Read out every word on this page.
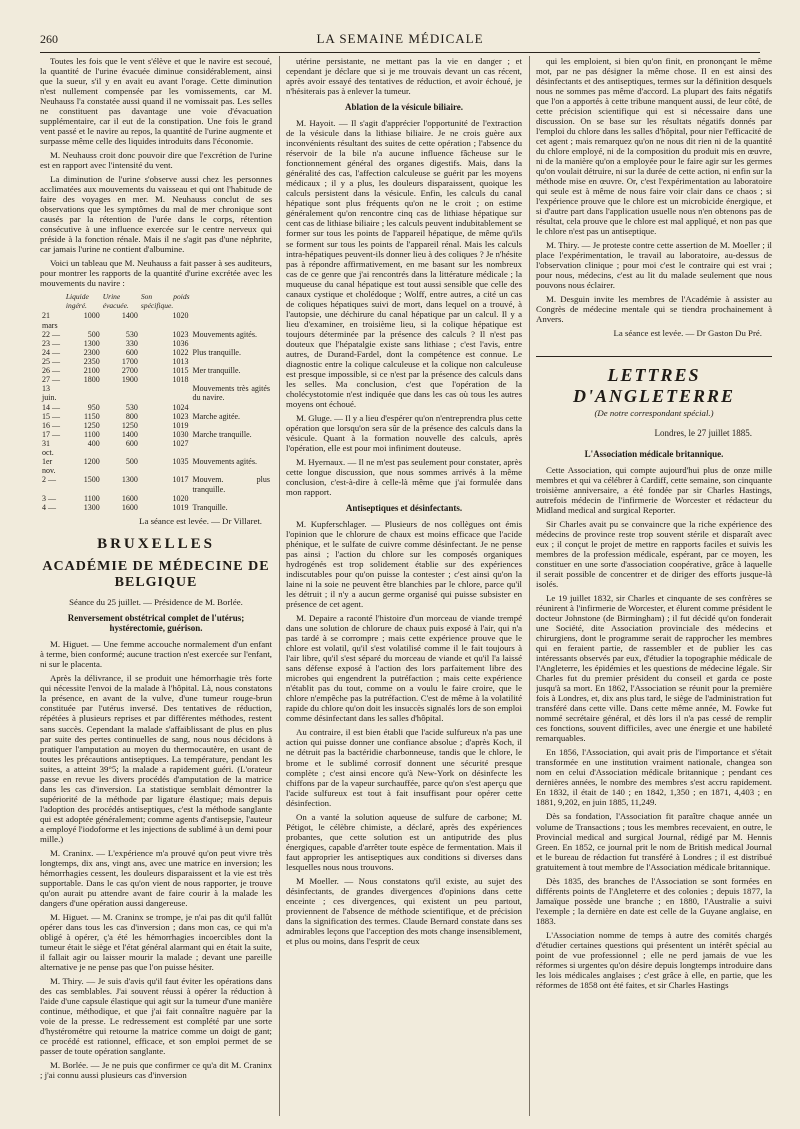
260	LA SEMAINE MÉDICALE

Toutes les fois que le vent s'élève et que le navire est secoué, la quantité de l'urine évacuée diminue considérablement, ainsi que la sueur, s'il y en avait eu avant l'orage. Cette diminution n'est nullement compensée par les vomissements, car M. Neuhauss l'a constatée aussi quand il ne vomissait pas. Les selles ne constituent pas davantage une voie d'évacuation supplémentaire, car il eut de la constipation. Une fois le grand vent passé et le navire au repos, la quantité de l'urine augmente et surpasse même celle des liquides introduits dans l'économie.

M. Neuhauss croit donc pouvoir dire que l'excrétion de l'urine est en rapport avec l'intensité du vent.

La diminution de l'urine s'observe aussi chez les personnes acclimatées aux mouvements du vaisseau et qui ont l'habitude de faire des voyages en mer. M. Neuhauss conclut de ses observations que les symptômes du mal de mer chronique sont causés par la rétention de l'urée dans le corps, rétention consécutive à une influence exercée sur le centre nerveux qui préside à la fonction rénale. Mais il ne s'agit pas d'une néphrite, car jamais l'urine ne contient d'albumine.

Voici un tableau que M. Neuhauss a fait passer à ses auditeurs, pour montrer les rapports de la quantité d'urine excrétée avec les mouvements du navire :

	Liquide ingéré.	Urine évacuée.	Son poids spécifique.	
21 mars	1000	1400	1020	
22 —	500	530	1023	Mouvements agités.
23 —	1300	330	1036	
24 —	2300	600	1022	Plus tranquille.
25 —	2350	1700	1013	
26 —	2100	2700	1015	Mer tranquille.
27 —	1800	1900	1018	
13 juin.				Mouvements très agités du navire.
14 —	950	530	1024	
15 —	1150	800	1023	Marche agitée.
16 —	1250	1250	1019	
17 —	1100	1400	1030	Marche tranquille.
31 oct.	400	600	1027	
1er nov.	1200	500	1035	Mouvements agités.
2 —	1500	1300	1017	Mouvem. plus tranquille.
3 —	1100	1600	1020	
4 —	1300	1600	1019	Tranquille.
La séance est levée. — Dr Villaret.
BRUXELLES
ACADÉMIE DE MÉDECINE DE BELGIQUE
Séance du 25 juillet. — Présidence de M. Borlée.

Renversement obstétrical complet de l'utérus; hystérectomie, guérison.

M. Higuet. — Une femme accouche normalement d'un enfant à terme, bien conformé; aucune traction n'est exercée sur l'enfant, ni sur le placenta.

Après la délivrance, il se produit une hémorrhagie très forte qui nécessite l'envoi de la malade à l'hôpital. Là, nous constatons la présence, en avant de la vulve, d'une tumeur rouge-brun constituée par l'utérus inversé. Des tentatives de réduction, répétées à plusieurs reprises et par différentes méthodes, restent sans succès. Cependant la malade s'affaiblissant de plus en plus par suite des pertes continuelles de sang, nous nous décidons à pratiquer l'amputation au moyen du thermocautère, en usant de toutes les précautions antiseptiques. La température, pendant les suites, a atteint 39°5; la malade a rapidement guéri. (L'orateur passe en revue les divers procédés d'amputation de la matrice dans les cas d'inversion. La statistique semblait démontrer la supériorité de la méthode par ligature élastique; mais depuis l'adoption des procédés antiseptiques, c'est la méthode sanglante qui est adoptée généralement; comme agents d'antisepsie, l'auteur a employé l'iodoforme et les injections de sublimé à un demi pour mille.)

M. Craninx. — L'expérience m'a prouvé qu'on peut vivre très longtemps, dix ans, vingt ans, avec une matrice en inversion; les hémorrhagies cessent, les douleurs disparaissent et la vie est très supportable. Dans le cas qu'on vient de nous rapporter, je trouve qu'on aurait pu attendre avant de faire courir à la malade les dangers d'une opération aussi dangereuse.

M. Higuet. — M. Craninx se trompe, je n'ai pas dit qu'il fallût opérer dans tous les cas d'inversion ; dans mon cas, ce qui m'a obligé à opérer, ç'a été les hémorrhagies incoercibles dont la tumeur était le siège et l'état général alarmant qui en était la suite, il fallait agir ou laisser mourir la malade ; devant une pareille alternative je ne pense pas que l'on puisse hésiter.

M. Thiry. — Je suis d'avis qu'il faut éviter les opérations dans des cas semblables. J'ai souvent réussi à opérer la réduction à l'aide d'une capsule élastique qui agit sur la tumeur d'une manière continue, méthodique, et que j'ai fait connaître naguère par la voie de la presse. Le redressement est complété par une sorte d'hystérométre qui retourne la matrice comme un doigt de gant; ce procédé est rationnel, efficace, et son emploi permet de se passer de toute opération sanglante.

M. Borlée. — Je ne puis que confirmer ce qu'a dit M. Craninx ; j'ai connu aussi plusieurs cas d'inversion

utérine persistante, ne mettant pas la vie en danger ; et cependant je déclare que si je me trouvais devant un cas récent, après avoir essayé des tentatives de réduction, et avoir échoué, je n'hésiterais pas à enlever la tumeur.

Ablation de la vésicule biliaire.

M. Hayoit. — Il s'agit d'apprécier l'opportunité de l'extraction de la vésicule dans la lithiase biliaire. Je ne crois guère aux inconvénients résultant des suites de cette opération ; l'absence du réservoir de la bile n'a aucune influence fâcheuse sur le fonctionnement général des organes digestifs. Mais, dans la généralité des cas, l'affection calculeuse se guérit par les moyens médicaux ; il y a plus, les douleurs disparaissent, quoique les calculs persistent dans la vésicule. Enfin, les calculs du canal hépatique sont plus fréquents qu'on ne le croit ; on estime généralement qu'on rencontre cinq cas de lithiase hépatique sur cent cas de lithiase biliaire ; les calculs peuvent indubitablement se former sur tous les points de l'appareil hépatique, de même qu'ils se forment sur tous les points de l'appareil rénal. Mais les calculs intra-hépatiques peuvent-ils donner lieu à des coliques ? Je n'hésite pas à répondre affirmativement, en me basant sur les nombreux cas de ce genre que j'ai rencontrés dans la littérature médicale ; la muqueuse du canal hépatique est tout aussi sensible que celle des canaux cystique et cholédoque ; Wolff, entre autres, a cité un cas de coliques hépatiques suivi de mort, dans lequel on a trouvé, à l'autopsie, une déchirure du canal hépatique par un calcul. Il y a lieu d'examiner, en troisième lieu, si la colique hépatique est toujours déterminée par la présence des calculs ? Il n'est pas douteux que l'hépatalgie existe sans lithiase ; c'est l'avis, entre autres, de Durand-Fardel, dont la compétence est connue. Le diagnostic entre la colique calculeuse et la colique non calculeuse est presque impossible, si ce n'est par la présence des calculs dans les selles. Ma conclusion, c'est que l'opération de la cholécystotomie n'est indiquée que dans les cas où tous les autres moyens ont échoué.

M. Gluge. — Il y a lieu d'espérer qu'on n'entreprendra plus cette opération que lorsqu'on sera sûr de la présence des calculs dans la vésicule. Quant à la formation nouvelle des calculs, après l'opération, elle est pour moi infiniment douteuse.

M. Hyernaux. — Il ne m'est pas seulement pour constater, après cette longue discussion, que nous sommes arrivés à la même conclusion, c'est-à-dire à celle-là même que j'ai formulée dans mon rapport.

Antiseptiques et désinfectants.

M. Kupferschlager. — Plusieurs de nos collègues ont émis l'opinion que le chlorure de chaux est moins efficace que l'acide phénique, et le sulfate de cuivre comme désinfectant. Je ne pense pas ainsi ; l'action du chlore sur les composés organiques hydrogénés est trop solidement établie sur des expériences indiscutables pour qu'on puisse la contester ; c'est ainsi qu'on la laine ni la soie ne peuvent être blanchies par le chlore, parce qu'il les détruit ; il n'y a aucun germe organisé qui puisse subsister en présence de cet agent.

M. Depaire a raconté l'histoire d'un morceau de viande trempé dans une solution de chlorure de chaux puis exposé à l'air, qui n'a pas tardé à se corrompre ; mais cette expérience prouve que le chlore est volatil, qu'il s'est volatilisé comme il le fait toujours à l'air libre, qu'il s'est séparé du morceau de viande et qu'il l'a laissé sans défense exposé à l'action des lors parfaitement libre des microbes qui engendrent la putréfaction ; mais cette expérience n'établit pas du tout, comme on a voulu le faire croire, que le chlore n'empêche pas la putréfaction. C'est de même à la volatilité rapide du chlore qu'on doit les insuccès signalés lors de son emploi comme désinfectant dans les salles d'hôpital.

Au contraire, il est bien établi que l'acide sulfureux n'a pas une action qui puisse donner une confiance absolue ; d'après Koch, il ne détruit pas la bactéridie charbonneuse, tandis que le chlore, le brome et le sublimé corrosif donnent une sécurité presque complète ; c'est ainsi encore qu'à New-York on désinfecte les chiffons par de la vapeur surchauffée, parce qu'on s'est aperçu que l'acide sulfureux est tout à fait insuffisant pour opérer cette désinfection.

On a vanté la solution aqueuse de sulfure de carbone; M. Pétigot, le célèbre chimiste, a déclaré, après des expériences probantes, que cette solution est un antiputride des plus énergiques, capable d'arrêter toute espèce de fermentation. Mais il faut approprier les antiseptiques aux conditions si diverses dans lesquelles nous nous trouvons.

M Moeller. — Nous constatons qu'il existe, au sujet des désinfectants, de grandes divergences d'opinions dans cette enceinte ; ces divergences, qui existent un peu partout, proviennent de l'absence de méthode scientifique, et de précision dans la signification des termes. Claude Bernard constate dans ses admirables leçons que l'acception des mots change insensiblement, et plus ou moins, dans l'esprit de ceux

qui les emploient, si bien qu'on finit, en prononçant le même mot, par ne pas désigner la même chose. Il en est ainsi des désinfectants et des antiseptiques, termes sur la définition desquels nous ne sommes pas même d'accord. La plupart des faits négatifs que l'on a apportés à cette tribune manquent aussi, de leur côté, de cette précision scientifique qui est si nécessaire dans une discussion. On se base sur les résultats négatifs donnés par l'emploi du chlore dans les salles d'hôpital, pour nier l'efficacité de cet agent ; mais remarquez qu'on ne nous dit rien ni de la quantité du chlore employé, ni de la composition du produit mis en œuvre, ni de la manière qu'on a employée pour le faire agir sur les germes qu'on voulait détruire, ni sur la durée de cette action, ni enfin sur la méthode mise en œuvre. Or, c'est l'expérimentation au laboratoire qui seule est à même de nous faire voir clair dans ce chaos ; si l'expérience prouve que le chlore est un microbicide énergique, et si d'autre part dans l'application usuelle nous n'en obtenons pas de résultat, cela prouve que le chlore est mal appliqué, et non pas que le chlore n'est pas un antiseptique.

M. Thiry. — Je proteste contre cette assertion de M. Moeller ; il place l'expérimentation, le travail au laboratoire, au-dessus de l'observation clinique ; pour moi c'est le contraire qui est vrai ; pour nous, médecins, c'est au lit du malade seulement que nous pouvons nous éclairer.

M. Desguin invite les membres de l'Académie à assister au Congrès de médecine mentale qui se tiendra prochainement à Anvers.

La séance est levée. — Dr Gaston Du Pré.
LETTRES D'ANGLETERRE
(De notre correspondant spécial.)
Londres, le 27 juillet 1885.

L'Association médicale britannique.

Cette Association, qui compte aujourd'hui plus de onze mille membres et qui va célébrer à Cardiff, cette semaine, son cinquante troisième anniversaire, a été fondée par sir Charles Hastings, autrefois médecin de l'infirmerie de Worcester et rédacteur du Midland medical and surgical Reporter.

Sir Charles avait pu se convaincre que la riche expérience des médecins de province reste trop souvent stérile et disparaît avec eux ; il conçut le projet de mettre en rapports faciles et suivis les membres de la profession médicale, espérant, par ce moyen, les constituer en une sorte d'association coopérative, grâce à laquelle il serait possible de concentrer et de diriger des efforts jusque-là isolés.

Le 19 juillet 1832, sir Charles et cinquante de ses confrères se réunirent à l'infirmerie de Worcester, et élurent comme président le docteur Johnstone (de Birmingham) ; il fut décidé qu'on fonderait une Société, dite Association provinciale des médecins et chirurgiens, dont le programme serait de rapprocher les membres qui en feraient partie, de rassembler et de publier les cas intéressants observés par eux, d'étudier la topographie médicale de l'Angleterre, les épidémies et les questions de médecine légale. Sir Charles fut du premier président du conseil et garda ce poste jusqu'à sa mort. En 1862, l'Association se réunit pour la première fois à Londres, et, dix ans plus tard, le siège de l'administration fut transféré dans cette ville. Dans cette même année, M. Fowke fut nommé secrétaire général, et dès lors il n'a pas cessé de remplir ces fonctions, souvent difficiles, avec une énergie et une habileté remarquables.

En 1856, l'Association, qui avait pris de l'importance et s'était transformée en une institution vraiment nationale, changea son nom en celui d'Association médicale britannique ; pendant ces dernières années, le nombre des membres s'est accru rapidement. En 1832, il était de 140 ; en 1842, 1,350 ; en 1871, 4,403 ; en 1881, 9,202, en juin 1885, 11,249.

Dès sa fondation, l'Association fit paraître chaque année un volume de Transactions ; tous les membres recevaient, en outre, le Provincial medical and surgical Journal, rédigé par M. Hennis Green. En 1852, ce journal prit le nom de British medical Journal et le bureau de rédaction fut transféré à Londres ; il est distribué gratuitement à tout membre de l'Association médicale britannique.

Dès 1835, des branches de l'Association se sont formées en différents points de l'Angleterre et des colonies ; depuis 1877, la Jamaïque possède une branche ; en 1880, l'Australie a suivi l'exemple ; la dernière en date est celle de la Guyane anglaise, en 1883.

L'Association nomme de temps à autre des comités chargés d'étudier certaines questions qui présentent un intérêt spécial au point de vue professionnel ; elle ne perd jamais de vue les réformes si urgentes qu'on désire depuis longtemps introduire dans les lois médicales anglaises ; c'est grâce à elle, en partie, que les réformes de 1858 ont été faites, et sir Charles Hastings
